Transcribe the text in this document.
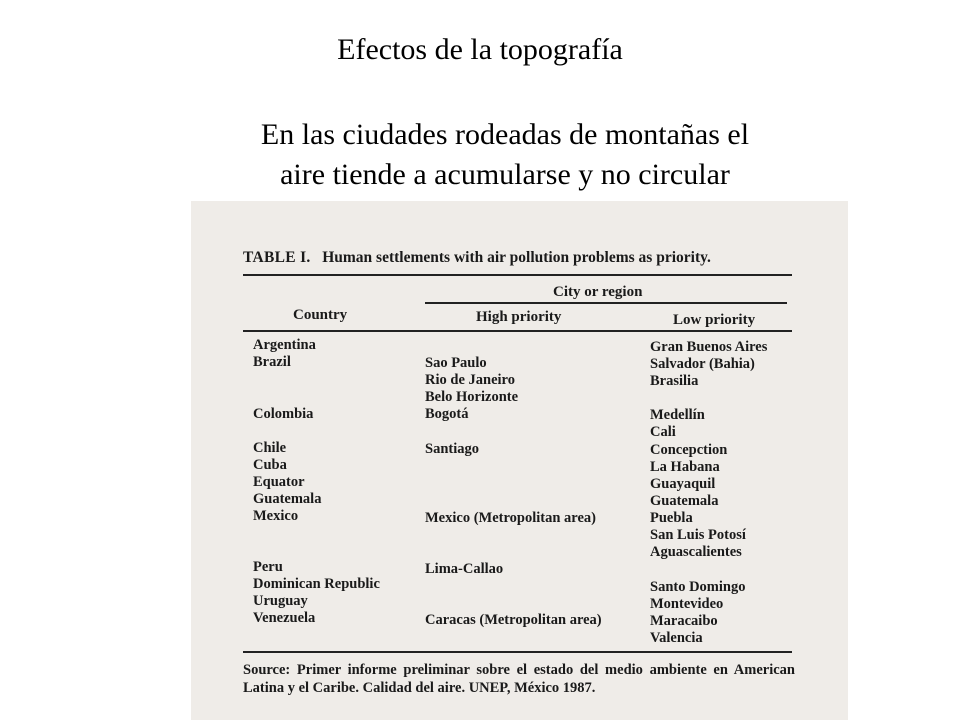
Efectos de la topografía
En las ciudades rodeadas de montañas el
aire tiende a acumularse y no circular
TABLE I. Human settlements with air pollution problems as priority.
City or region
Country	High priority	Low priority
Argentina
Brazil
Colombia
Chile
Cuba
Equator
Guatemala
Mexico
Peru
Dominican Republic
Uruguay
Venezuela
Sao Paulo
Rio de Janeiro
Belo Horizonte
Bogotá
Santiago
Mexico (Metropolitan area)
Lima-Callao
Caracas (Metropolitan area)
Gran Buenos Aires
Salvador (Bahia)
Brasilia
Medellín
Cali
Concepction
La Habana
Guayaquil
Guatemala
Puebla
San Luis Potosí
Aguascalientes
Santo Domingo
Montevideo
Maracaibo
Valencia
Source: Primer informe preliminar sobre el estado del medio ambiente en American Latina y el Caribe. Calidad del aire. UNEP, México 1987.
